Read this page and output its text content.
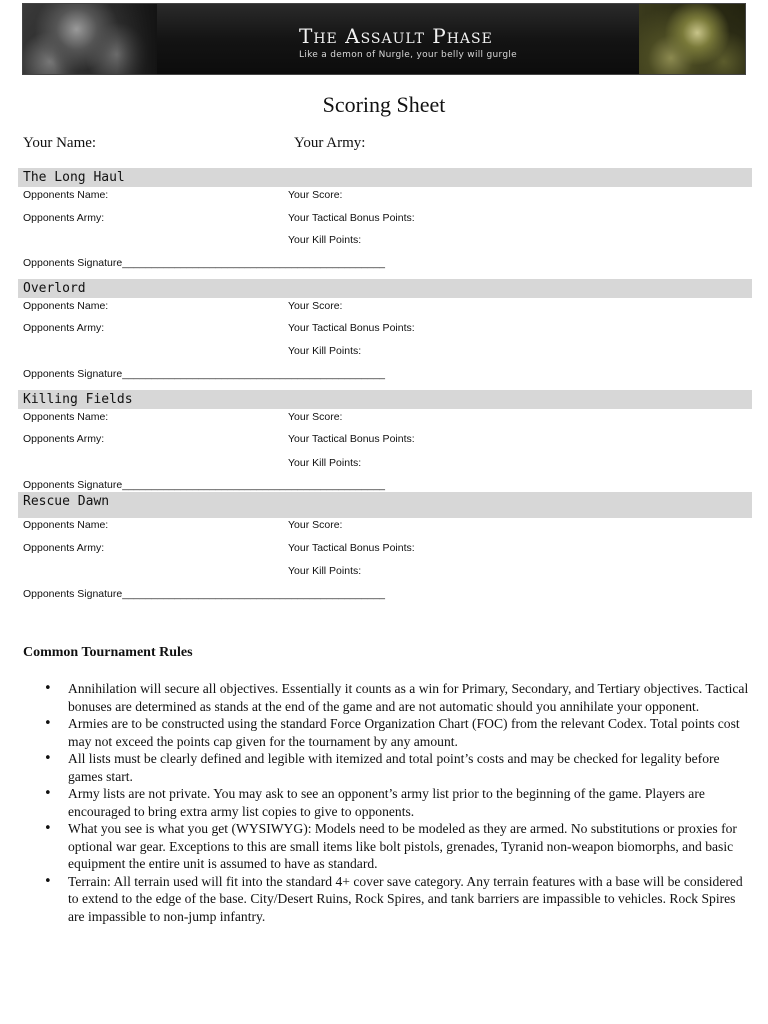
The Assault Phase
Like a demon of Nurgle, your belly will gurgle
Scoring Sheet
Your Name:	Your Army:
The Long Haul
Opponents Name:	Your Score:
Opponents Army:	Your Tactical Bonus Points:
Your Kill Points:
Opponents Signature_____________________________________________
Overlord
Opponents Name:	Your Score:
Opponents Army:	Your Tactical Bonus Points:
Your Kill Points:
Opponents Signature_____________________________________________
Killing Fields
Opponents Name:	Your Score:
Opponents Army:	Your Tactical Bonus Points:
Your Kill Points:
Opponents Signature_____________________________________________
Rescue Dawn
Opponents Name:	Your Score:
Opponents Army:	Your Tactical Bonus Points:
Your Kill Points:
Opponents Signature_____________________________________________
Common Tournament Rules
• Annihilation will secure all objectives. Essentially it counts as a win for Primary, Secondary, and Tertiary objectives. Tactical bonuses are determined as stands at the end of the game and are not automatic should you annihilate your opponent.
• Armies are to be constructed using the standard Force Organization Chart (FOC) from the relevant Codex. Total points cost may not exceed the points cap given for the tournament by any amount.
• All lists must be clearly defined and legible with itemized and total point’s costs and may be checked for legality before games start.
• Army lists are not private. You may ask to see an opponent’s army list prior to the beginning of the game. Players are encouraged to bring extra army list copies to give to opponents.
• What you see is what you get (WYSIWYG): Models need to be modeled as they are armed. No substitutions or proxies for optional war gear. Exceptions to this are small items like bolt pistols, grenades, Tyranid non-weapon biomorphs, and basic equipment the entire unit is assumed to have as standard.
• Terrain: All terrain used will fit into the standard 4+ cover save category. Any terrain features with a base will be considered to extend to the edge of the base. City/Desert Ruins, Rock Spires, and tank barriers are impassible to vehicles. Rock Spires are impassible to non-jump infantry.
